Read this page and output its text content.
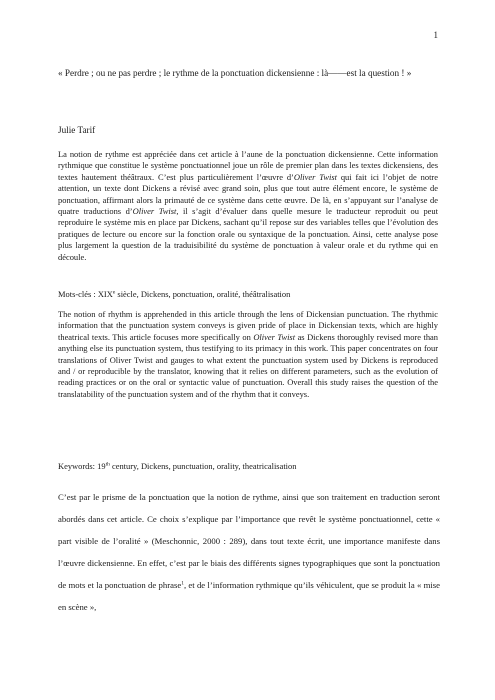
1
« Perdre ; ou ne pas perdre ; le rythme de la ponctuation dickensienne : là——est la question ! »
Julie Tarif
La notion de rythme est appréciée dans cet article à l’aune de la ponctuation dickensienne. Cette information rythmique que constitue le système ponctuationnel joue un rôle de premier plan dans les textes dickensiens, des textes hautement théâtraux. C’est plus particulièrement l’œuvre d’Oliver Twist qui fait ici l’objet de notre attention, un texte dont Dickens a révisé avec grand soin, plus que tout autre élément encore, le système de ponctuation, affirmant alors la primauté de ce système dans cette œuvre. De là, en s’appuyant sur l’analyse de quatre traductions d’Oliver Twist, il s’agit d’évaluer dans quelle mesure le traducteur reproduit ou peut reproduire le système mis en place par Dickens, sachant qu’il repose sur des variables telles que l’évolution des pratiques de lecture ou encore sur la fonction orale ou syntaxique de la ponctuation. Ainsi, cette analyse pose plus largement la question de la traduisibilité du système de ponctuation à valeur orale et du rythme qui en découle.
Mots-clés : XIXe siècle, Dickens, ponctuation, oralité, théâtralisation
The notion of rhythm is apprehended in this article through the lens of Dickensian punctuation. The rhythmic information that the punctuation system conveys is given pride of place in Dickensian texts, which are highly theatrical texts. This article focuses more specifically on Oliver Twist as Dickens thoroughly revised more than anything else its punctuation system, thus testifying to its primacy in this work. This paper concentrates on four translations of Oliver Twist and gauges to what extent the punctuation system used by Dickens is reproduced and / or reproducible by the translator, knowing that it relies on different parameters, such as the evolution of reading practices or on the oral or syntactic value of punctuation. Overall this study raises the question of the translatability of the punctuation system and of the rhythm that it conveys.
Keywords: 19th century, Dickens, punctuation, orality, theatricalisation

C’est par le prisme de la ponctuation que la notion de rythme, ainsi que son traitement en traduction seront abordés dans cet article. Ce choix s’explique par l’importance que revêt le système ponctuationnel, cette « part visible de l’oralité » (Meschonnic, 2000 : 289), dans tout texte écrit, une importance manifeste dans l’œuvre dickensienne. En effet, c’est par le biais des différents signes typographiques que sont la ponctuation de mots et la ponctuation de phrase$^1$, et de l’information rythmique qu’ils véhiculent, que se produit la « mise en scène »,
